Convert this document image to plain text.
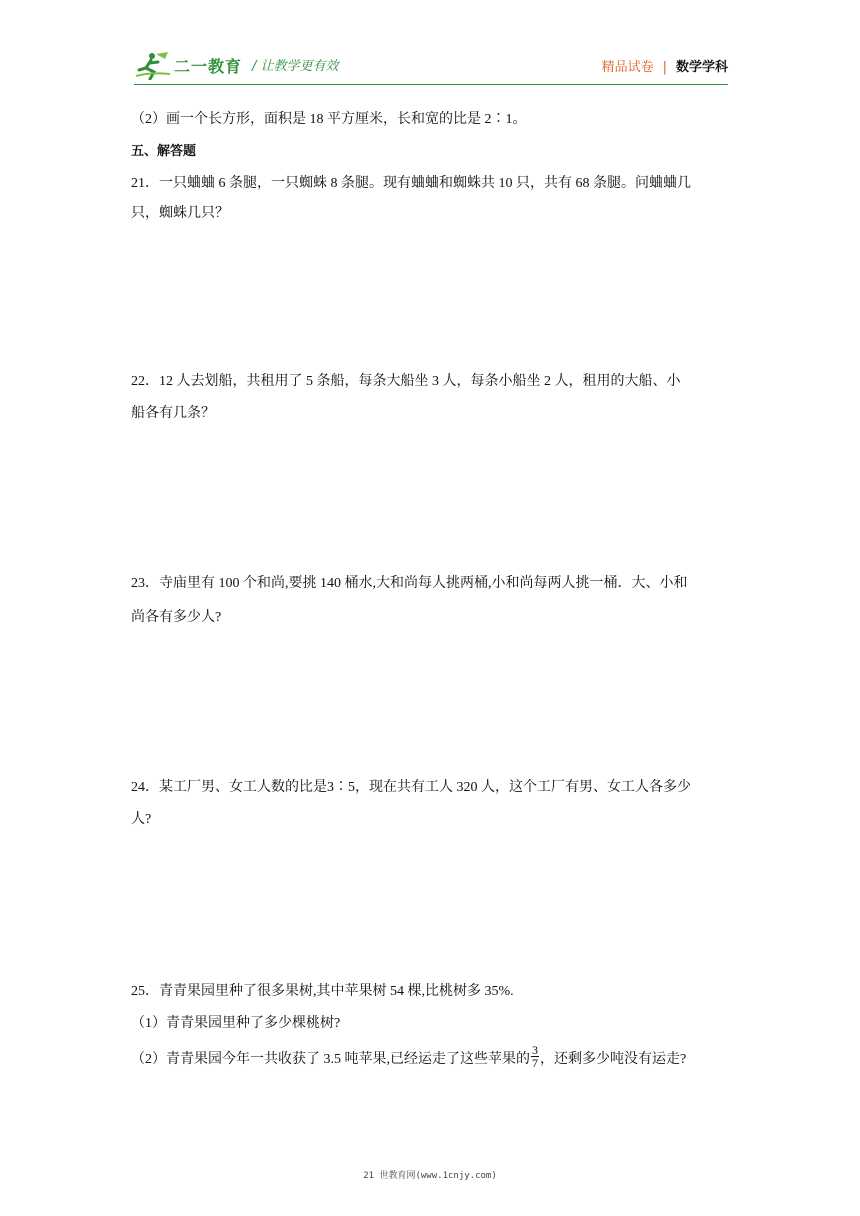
二一教育 / 让教学更有效	精品试卷 | 数学学科
（2）画一个长方形，面积是 18 平方厘米，长和宽的比是 2∶1。
五、解答题
21．一只蛐蛐 6 条腿，一只蜘蛛 8 条腿。现有蛐蛐和蜘蛛共 10 只，共有 68 条腿。问蛐蛐几
只，蜘蛛几只？
22．12 人去划船，共租用了 5 条船，每条大船坐 3 人，每条小船坐 2 人，租用的大船、小
船各有几条？
23．寺庙里有 100 个和尚,要挑 140 桶水,大和尚每人挑两桶,小和尚每两人挑一桶．大、小和
尚各有多少人?
24．某工厂男、女工人数的比是3∶5，现在共有工人 320 人，这个工厂有男、女工人各多少
人?
25．青青果园里种了很多果树,其中苹果树 54 棵,比桃树多 35%.
（1）青青果园里种了多少棵桃树?
（2）青青果园今年一共收获了 3.5 吨苹果,已经运走了这些苹果的 $\frac{3}{7}$ ，还剩多少吨没有运走?
21 世教育网(www.1cnjy.com)
